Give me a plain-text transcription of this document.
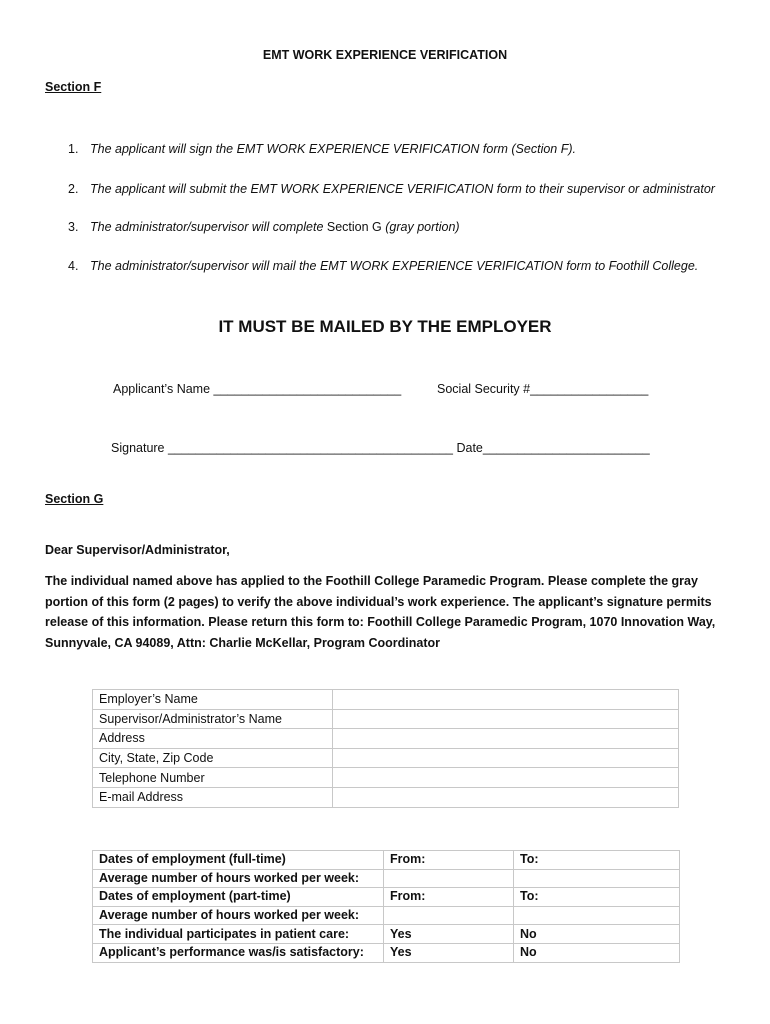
EMT WORK EXPERIENCE VERIFICATION
Section F
1. The applicant will sign the EMT WORK EXPERIENCE VERIFICATION form (Section F).
2. The applicant will submit the EMT WORK EXPERIENCE VERIFICATION form to their supervisor or administrator
3. The administrator/supervisor will complete Section G (gray portion)
4. The administrator/supervisor will mail the EMT WORK EXPERIENCE VERIFICATION form to Foothill College.
IT MUST BE MAILED BY THE EMPLOYER
Applicant’s Name ___________________________	Social Security #_________________
Signature _________________________________________ Date________________________
Section G
Dear Supervisor/Administrator,
The individual named above has applied to the Foothill College Paramedic Program. Please complete the gray portion of this form (2 pages) to verify the above individual’s work experience. The applicant’s signature permits release of this information. Please return this form to: Foothill College Paramedic Program, 1070 Innovation Way, Sunnyvale, CA 94089, Attn: Charlie McKellar, Program Coordinator
Employer’s Name	
Supervisor/Administrator’s Name	
Address	
City, State, Zip Code	
Telephone Number	
E-mail Address	
Dates of employment (full-time)	From:	To:
Average number of hours worked per week:		
Dates of employment (part-time)	From:	To:
Average number of hours worked per week:		
The individual participates in patient care:	Yes	No
Applicant’s performance was/is satisfactory:	Yes	No
